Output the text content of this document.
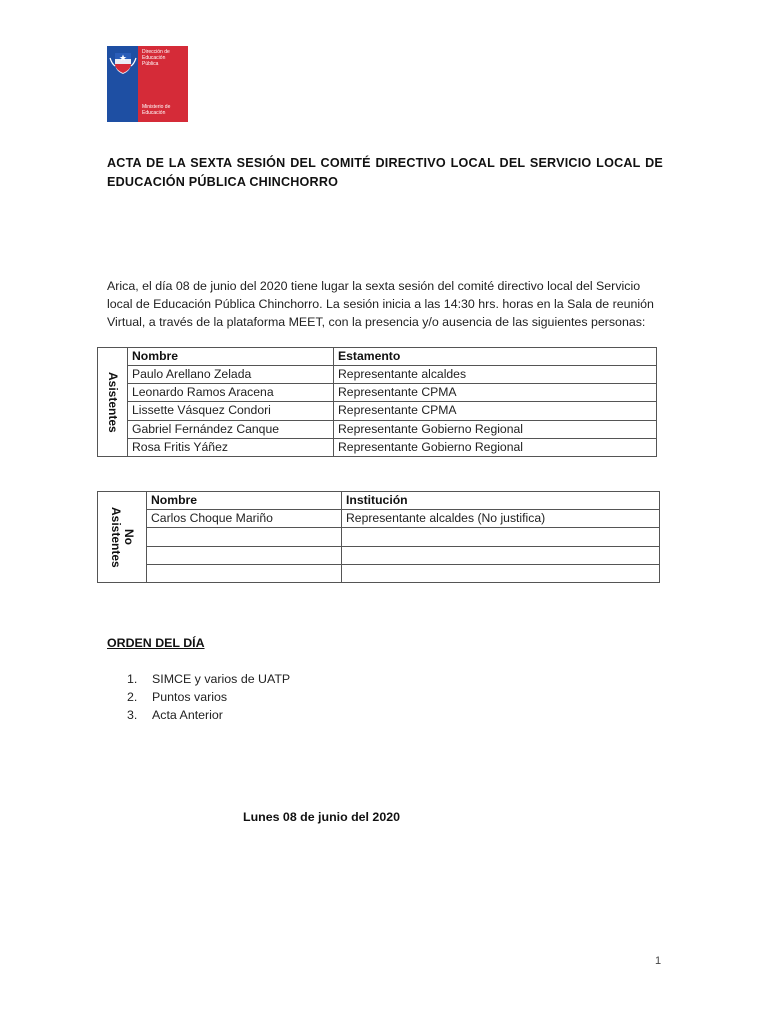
Dirección de
Educación
Pública
Ministerio de
Educación
ACTA DE LA SEXTA SESIÓN DEL COMITÉ DIRECTIVO LOCAL DEL SERVICIO LOCAL DE
EDUCACIÓN PÚBLICA CHINCHORRO
Arica, el día 08 de junio del 2020 tiene lugar la sexta sesión del comité directivo local del Servicio
local de Educación Pública Chinchorro. La sesión inicia a las 14:30 hrs. horas en la Sala de reunión
Virtual, a través de la plataforma MEET, con la presencia y/o ausencia de las siguientes personas:
Asistentes
Nombre	Estamento
Paulo Arellano Zelada	Representante alcaldes
Leonardo Ramos Aracena	Representante CPMA
Lissette Vásquez Condori	Representante CPMA
Gabriel Fernández Canque	Representante Gobierno Regional
Rosa Fritis Yáñez	Representante Gobierno Regional
No
Asistentes
Nombre	Institución
Carlos Choque Mariño	Representante alcaldes (No justifica)

ORDEN DEL DÍA
1.	SIMCE y varios de UATP
2.	Puntos varios
3.	Acta Anterior
Lunes 08 de junio del 2020
1
